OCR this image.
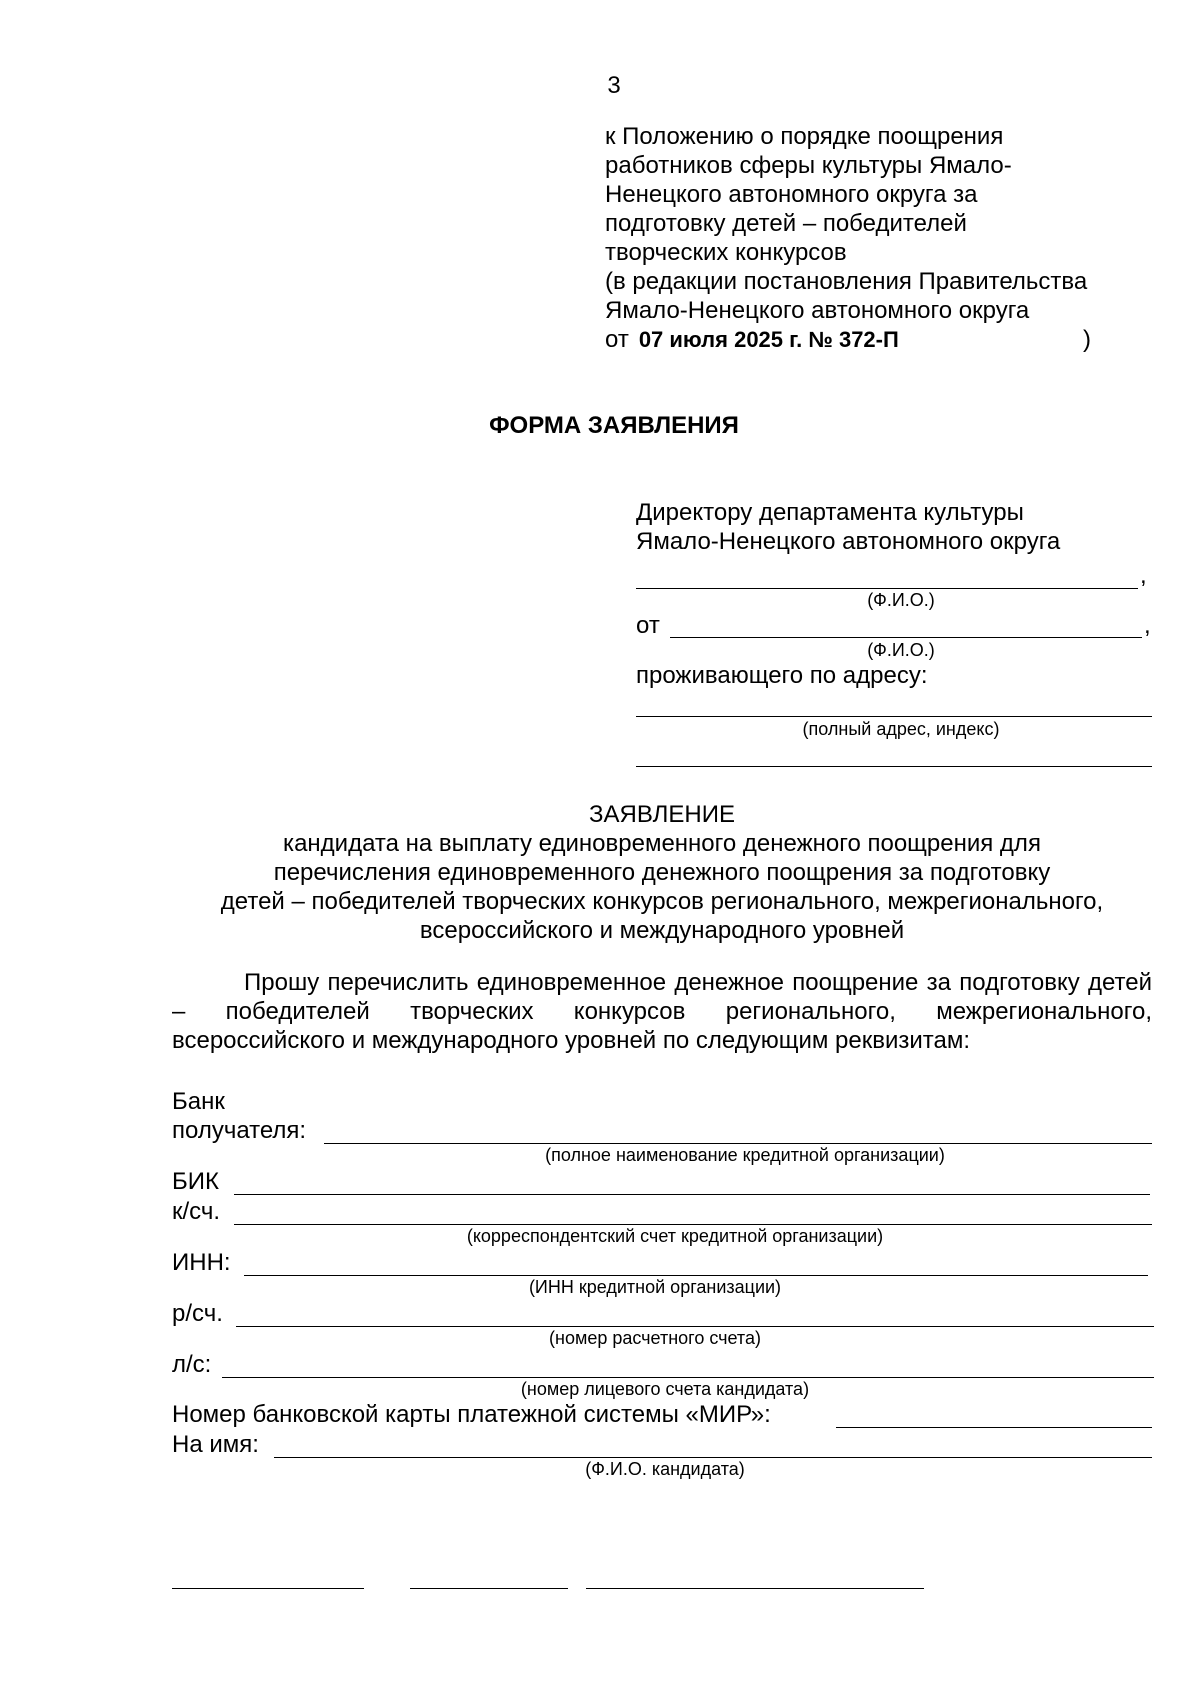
3
к Положению о порядке поощрения
работников сферы культуры Ямало-
Ненецкого автономного округа за
подготовку детей – победителей
творческих конкурсов
(в редакции постановления Правительства
Ямало-Ненецкого автономного округа
от 07 июля 2025 г. № 372-П	)
ФОРМА ЗАЯВЛЕНИЯ
Директору департамента культуры
Ямало-Ненецкого автономного округа
,
(Ф.И.О.)
от	,
(Ф.И.О.)
проживающего по адресу:
(полный адрес, индекс)
ЗАЯВЛЕНИЕ
кандидата на выплату единовременного денежного поощрения для
перечисления единовременного денежного поощрения за подготовку
детей – победителей творческих конкурсов регионального, межрегионального,
всероссийского и международного уровней
Прошу перечислить единовременное денежное поощрение за подготовку детей – победителей творческих конкурсов регионального, межрегионального, всероссийского и международного уровней по следующим реквизитам:
Банк
получателя:
(полное наименование кредитной организации)
БИК
к/сч.
(корреспондентский счет кредитной организации)
ИНН:
(ИНН кредитной организации)
р/сч.
(номер расчетного счета)
л/с:
(номер лицевого счета кандидата)
Номер банковской карты платежной системы «МИР»:
На имя:
(Ф.И.О. кандидата)
